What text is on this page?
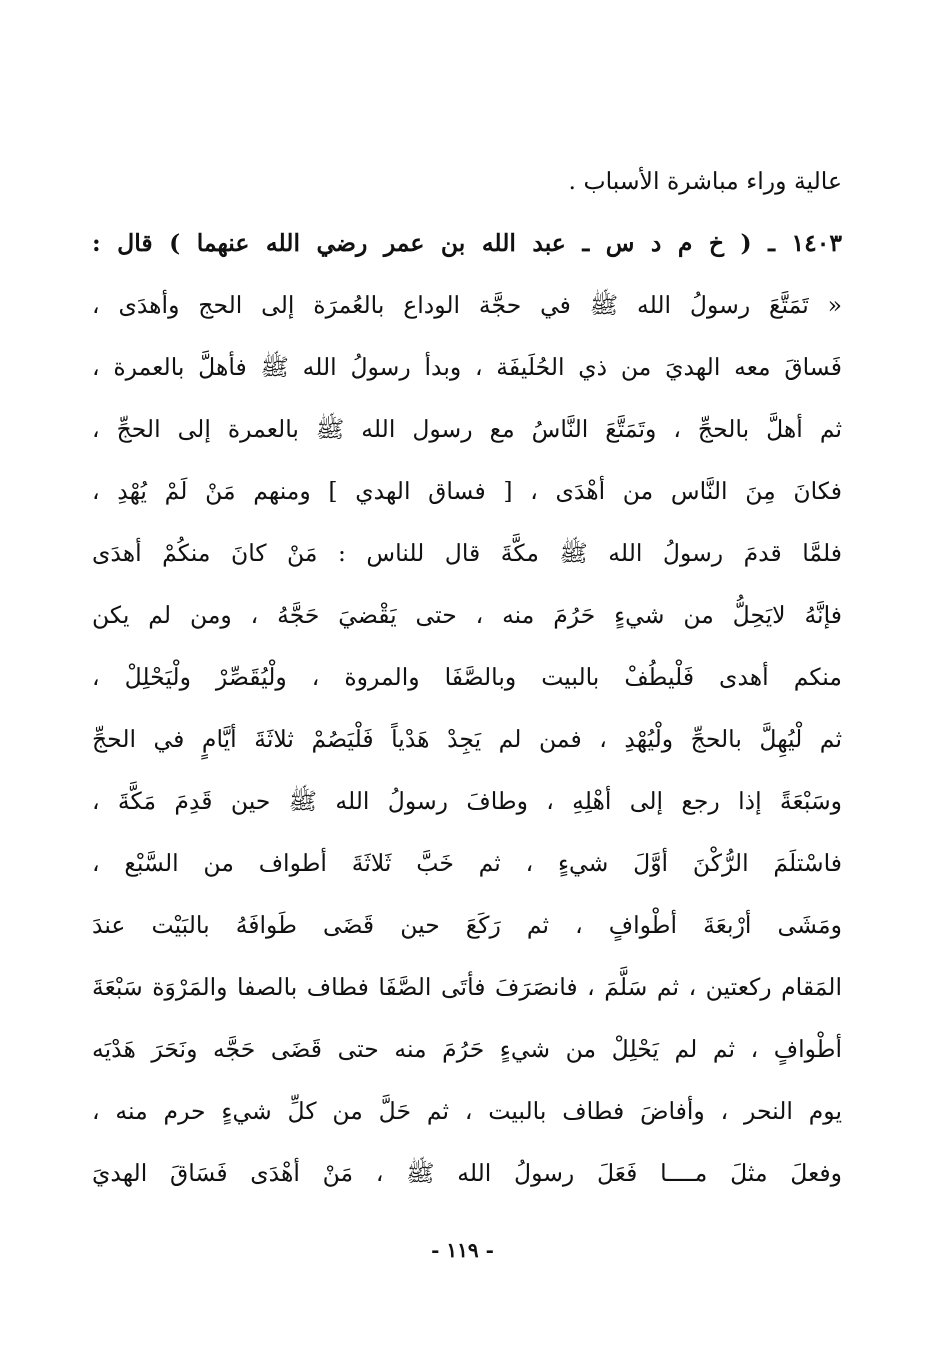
عالية وراء مباشرة الأسباب .
١٤٠٣ ـ ( خ م د س ـ عبد الله بن عمر رضي الله عنهما ) قال :
« تَمَتَّعَ رسولُ الله ﷺ في حجَّة الوداع بالعُمرَة إلى الحج وأهدَى ،
فَساقَ معه الهديَ من ذي الحُلَيفَة ، وبدأ رسولُ الله ﷺ فأهلَّ بالعمرة ،
ثم أهلَّ بالحجِّ ، وتَمَتَّعَ النَّاسُ مع رسول الله ﷺ بالعمرة إلى الحجِّ ،
فكانَ مِنَ النَّاس من أهْدَى ، [ فساق الهدي ] ومنهم مَنْ لَمْ يُهْدِ ،
فلمَّا قدمَ رسولُ الله ﷺ مكَّةَ قال للناس : مَنْ كانَ منكُمْ أهدَى
فإنَّهُ لايَحِلُّ من شيءٍ حَرُمَ منه ، حتى يَقْضيَ حَجَّهُ ، ومن لم يكن
منكم أهدى فَلْيطُفْ بالبيت وبالصَّفَا والمروة ، ولْيُقَصِّرْ ولْيَحْلِلْ ،
ثم لْيُهِلَّ بالحجِّ ولْيُهْدِ ، فمن لم يَجِدْ هَدْياً فَلْيَصُمْ ثلاثَةَ أيَّامٍ في الحجِّ
وسَبْعَةً إذا رجع إلى أهْلِهِ ، وطافَ رسولُ الله ﷺ حين قَدِمَ مَكَّةَ ،
فاسْتلَمَ الرُّكْنَ أوَّلَ شيءٍ ، ثم خَبَّ ثَلاثَةَ أطواف من السَّبْع ،
ومَشَى أرْبعَةَ أطْوافٍ ، ثم رَكَعَ حين قَضَى طَوافَهُ بالبَيْت عندَ
المَقام ركعتين ، ثم سَلَّمَ ، فانصَرَفَ فأتَى الصَّفَا فطاف بالصفا والمَرْوَة سَبْعَةَ
أطْوافٍ ، ثم لم يَحْلِلْ من شيءٍ حَرُمَ منه حتى قَضَى حَجَّه ونَحَرَ هَدْيَه
يوم النحر ، وأفاضَ فطاف بالبيت ، ثم حَلَّ من كلِّ شيءٍ حرم منه ،
وفعلَ مثلَ مــــا فَعَلَ رسولُ الله ﷺ ، مَنْ أهْدَى فَسَاقَ الهديَ
- ١١٩ -
